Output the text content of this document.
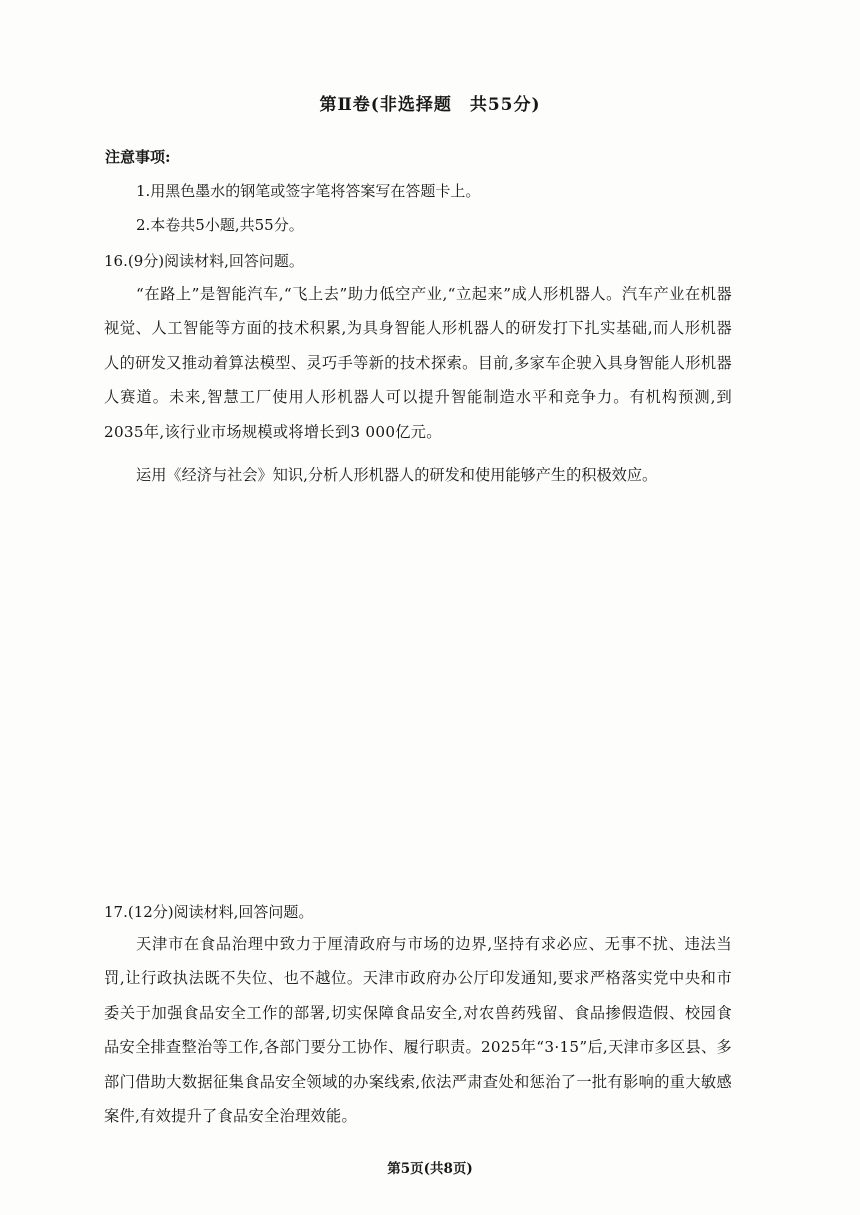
第Ⅱ卷(非选择题　共55分)
注意事项:
1.用黑色墨水的钢笔或签字笔将答案写在答题卡上。
2.本卷共5小题,共55分。
16.(9分)阅读材料,回答问题。
“在路上”是智能汽车,“飞上去”助力低空产业,“立起来”成人形机器人。汽车产业在机器视觉、人工智能等方面的技术积累,为具身智能人形机器人的研发打下扎实基础,而人形机器人的研发又推动着算法模型、灵巧手等新的技术探索。目前,多家车企驶入具身智能人形机器人赛道。未来,智慧工厂使用人形机器人可以提升智能制造水平和竞争力。有机构预测,到2035年,该行业市场规模或将增长到3 000亿元。
运用《经济与社会》知识,分析人形机器人的研发和使用能够产生的积极效应。
17.(12分)阅读材料,回答问题。
天津市在食品治理中致力于厘清政府与市场的边界,坚持有求必应、无事不扰、违法当罚,让行政执法既不失位、也不越位。天津市政府办公厅印发通知,要求严格落实党中央和市委关于加强食品安全工作的部署,切实保障食品安全,对农兽药残留、食品掺假造假、校园食品安全排查整治等工作,各部门要分工协作、履行职责。2025年“3·15”后,天津市多区县、多部门借助大数据征集食品安全领域的办案线索,依法严肃查处和惩治了一批有影响的重大敏感案件,有效提升了食品安全治理效能。
第5页(共8页)
